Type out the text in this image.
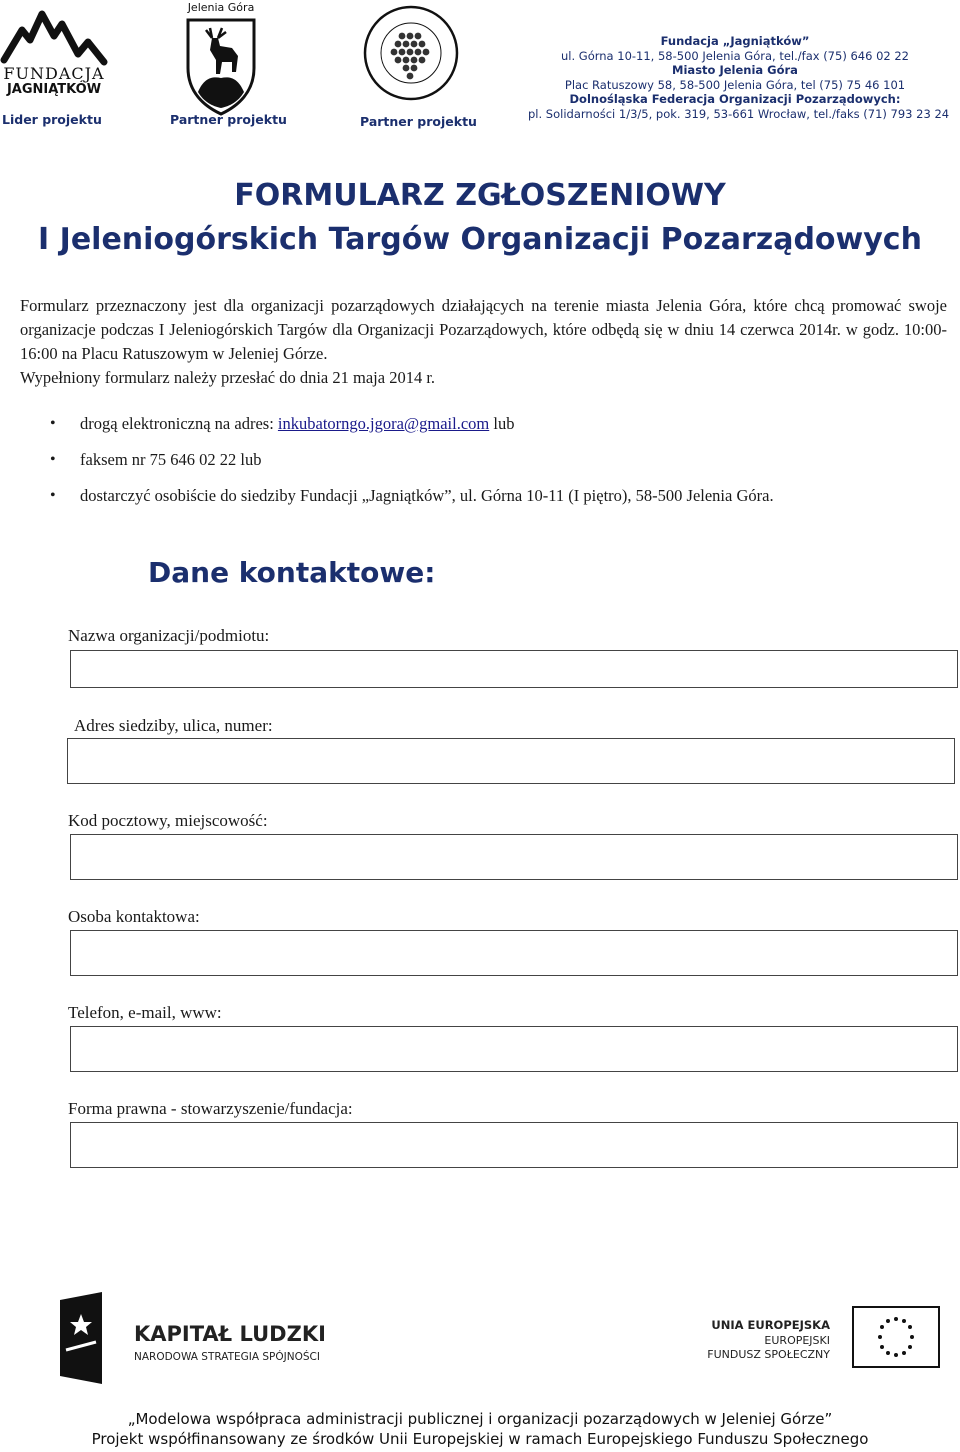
FUNDACJA
JAGNIĄTKÓW
Jelenia Góra
Lider projektu	Partner projektu	Partner projektu
Fundacja „Jagniątków”
ul. Górna 10-11, 58-500 Jelenia Góra, tel./fax (75) 646 02 22
Miasto Jelenia Góra
Plac Ratuszowy 58, 58-500 Jelenia Góra, tel (75) 75 46 101
Dolnośląska Federacja Organizacji Pozarządowych:
pl. Solidarności 1/3/5, pok. 319, 53-661 Wrocław, tel./faks (71) 793 23 24
FORMULARZ ZGŁOSZENIOWY
I Jeleniogórskich Targów Organizacji Pozarządowych
Formularz przeznaczony jest dla organizacji pozarządowych działających na terenie miasta Jelenia Góra, które chcą promować swoje organizacje podczas I Jeleniogórskich Targów dla Organizacji Pozarządowych, które odbędą się w dniu 14 czerwca 2014r. w godz. 10:00-16:00 na Placu Ratuszowym w Jeleniej Górze.
Wypełniony formularz należy przesłać do dnia 21 maja 2014 r.
• drogą elektroniczną na adres: inkubatorngo.jgora@gmail.com lub
• faksem nr 75 646 02 22 lub
• dostarczyć osobiście do siedziby Fundacji „Jagniątków”, ul. Górna 10-11 (I piętro), 58-500 Jelenia Góra.
Dane kontaktowe:
Nazwa organizacji/podmiotu:
Adres siedziby, ulica, numer:
Kod pocztowy, miejscowość:
Osoba kontaktowa:
Telefon, e-mail, www:
Forma prawna - stowarzyszenie/fundacja:
KAPITAŁ LUDZKI
NARODOWA STRATEGIA SPÓJNOŚCI
UNIA EUROPEJSKA
EUROPEJSKI
FUNDUSZ SPOŁECZNY
„Modelowa współpraca administracji publicznej i organizacji pozarządowych w Jeleniej Górze”
Projekt współfinansowany ze środków Unii Europejskiej w ramach Europejskiego Funduszu Społecznego
